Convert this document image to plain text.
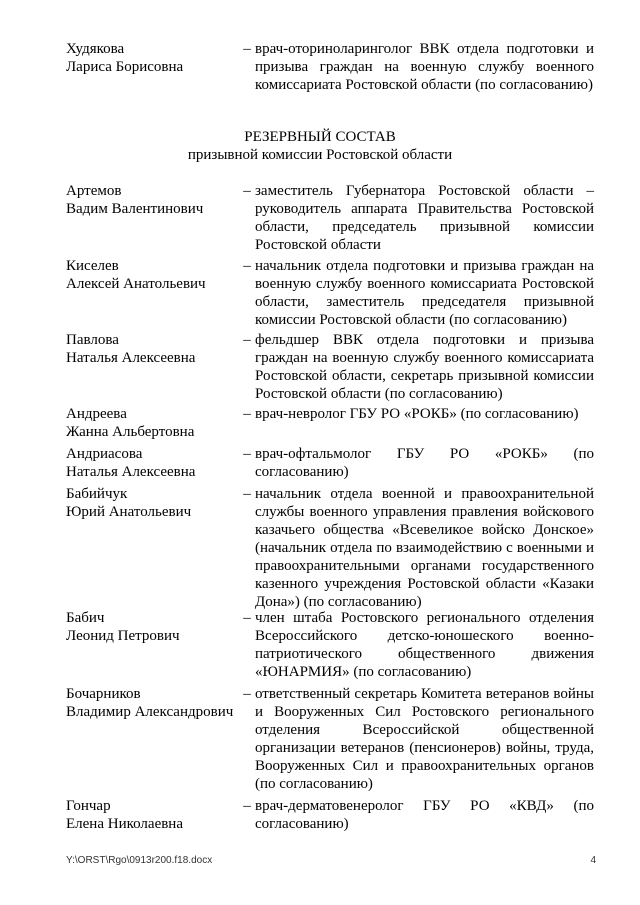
Худякова
Лариса Борисовна
– врач-оториноларинголог ВВК отдела подготовки и призыва граждан на военную службу военного комиссариата Ростовской области (по согласованию)
РЕЗЕРВНЫЙ СОСТАВ
призывной комиссии Ростовской области
Артемов
Вадим Валентинович
– заместитель Губернатора Ростовской области – руководитель аппарата Правительства Ростовской области, председатель призывной комиссии Ростовской области
Киселев
Алексей Анатольевич
– начальник отдела подготовки и призыва граждан на военную службу военного комиссариата Ростовской области, заместитель председателя призывной комиссии Ростовской области (по согласованию)
Павлова
Наталья Алексеевна
– фельдшер ВВК отдела подготовки и призыва граждан на военную службу военного комиссариата Ростовской области, секретарь призывной комиссии Ростовской области (по согласованию)
Андреева
Жанна Альбертовна
– врач-невролог ГБУ РО «РОКБ» (по согласованию)
Андриасова
Наталья Алексеевна
– врач-офтальмолог ГБУ РО «РОКБ» (по согласованию)
Бабийчук
Юрий Анатольевич
– начальник отдела военной и правоохранительной службы военного управления правления войскового казачьего общества «Всевеликое войско Донское» (начальник отдела по взаимодействию с военными и правоохранительными органами государственного казенного учреждения Ростовской области «Казаки Дона») (по согласованию)
Бабич
Леонид Петрович
– член штаба Ростовского регионального отделения Всероссийского детско-юношеского военно-патриотического общественного движения «ЮНАРМИЯ» (по согласованию)
Бочарников
Владимир Александрович
– ответственный секретарь Комитета ветеранов войны и Вооруженных Сил Ростовского регионального отделения Всероссийской общественной организации ветеранов (пенсионеров) войны, труда, Вооруженных Сил и правоохранительных органов (по согласованию)
Гончар
Елена Николаевна
– врач-дерматовенеролог ГБУ РО «КВД» (по согласованию)
Y:\ORST\Rgo\0913r200.f18.docx	4
